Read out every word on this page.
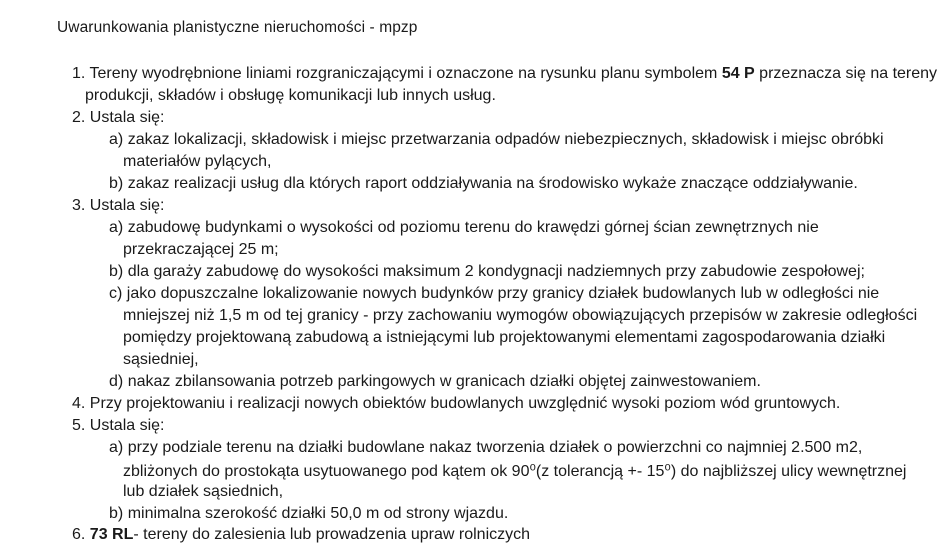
Uwarunkowania planistyczne nieruchomości - mpzp
1. Tereny wyodrębnione liniami rozgraniczającymi i oznaczone na rysunku planu symbolem 54 P przeznacza się na tereny
produkcji, składów i obsługę komunikacji lub innych usług.
2. Ustala się:
a) zakaz lokalizacji, składowisk i miejsc przetwarzania odpadów niebezpiecznych, składowisk i miejsc obróbki
materiałów pylących,
b) zakaz realizacji usług dla których raport oddziaływania na środowisko wykaże znaczące oddziaływanie.
3. Ustala się:
a) zabudowę budynkami o wysokości od poziomu terenu do krawędzi górnej ścian zewnętrznych nie
przekraczającej 25 m;
b) dla garaży zabudowę do wysokości maksimum 2 kondygnacji nadziemnych przy zabudowie zespołowej;
c) jako dopuszczalne lokalizowanie nowych budynków przy granicy działek budowlanych lub w odległości nie
mniejszej niż 1,5 m od tej granicy - przy zachowaniu wymogów obowiązujących przepisów w zakresie odległości
pomiędzy projektowaną zabudową a istniejącymi lub projektowanymi elementami zagospodarowania działki
sąsiedniej,
d) nakaz zbilansowania potrzeb parkingowych w granicach działki objętej zainwestowaniem.
4. Przy projektowaniu i realizacji nowych obiektów budowlanych uwzględnić wysoki poziom wód gruntowych.
5. Ustala się:
a) przy podziale terenu na działki budowlane nakaz tworzenia działek o powierzchni co najmniej 2.500 m2,
zbliżonych do prostokąta usytuowanego pod kątem ok 90⁰(z tolerancją +- 15⁰) do najbliższej ulicy wewnętrznej
lub działek sąsiednich,
b) minimalna szerokość działki 50,0 m od strony wjazdu.
6. 73 RL- tereny do zalesienia lub prowadzenia upraw rolniczych
